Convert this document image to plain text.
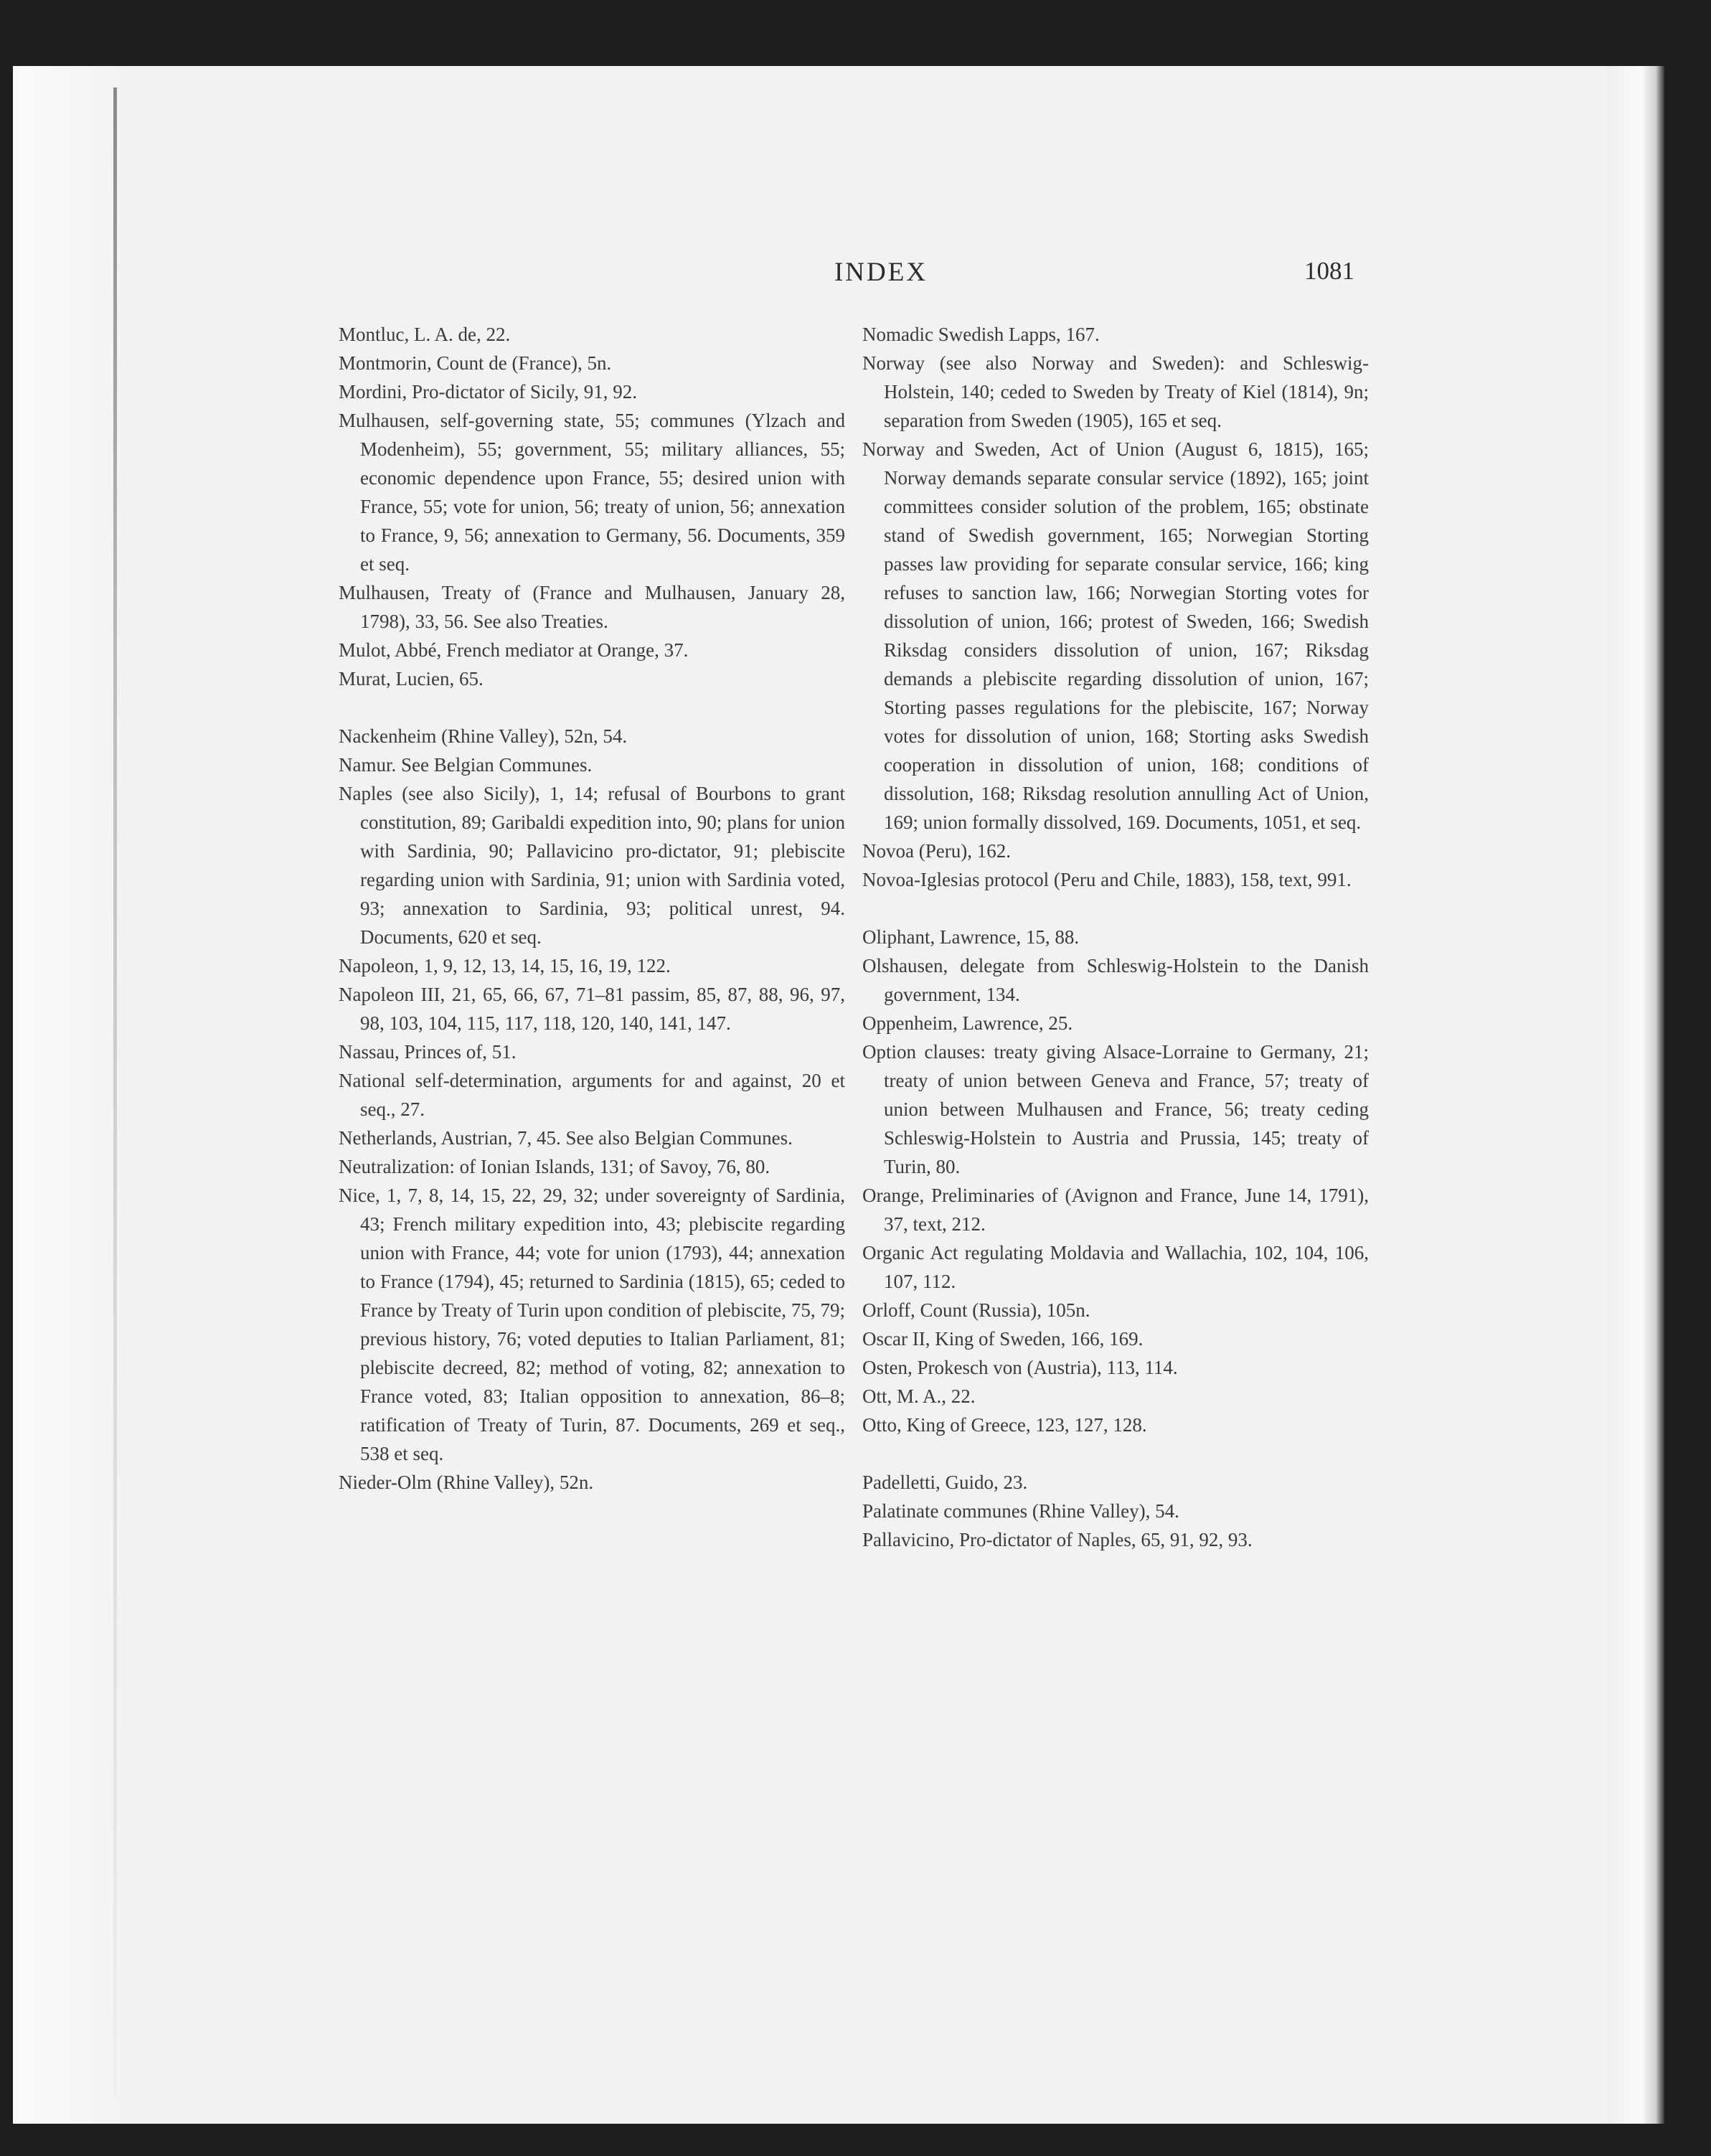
INDEX	1081

Montluc, L. A. de, 22.

Montmorin, Count de (France), 5n.

Mordini, Pro-dictator of Sicily, 91, 92.

Mulhausen, self-governing state, 55; communes (Ylzach and Modenheim), 55; government, 55; military alliances, 55; economic dependence upon France, 55; desired union with France, 55; vote for union, 56; treaty of union, 56; annexation to France, 9, 56; annexation to Germany, 56. Documents, 359 et seq.

Mulhausen, Treaty of (France and Mulhausen, January 28, 1798), 33, 56. See also Treaties.

Mulot, Abbé, French mediator at Orange, 37.

Murat, Lucien, 65.

Nackenheim (Rhine Valley), 52n, 54.

Namur. See Belgian Communes.

Naples (see also Sicily), 1, 14; refusal of Bourbons to grant constitution, 89; Garibaldi expedition into, 90; plans for union with Sardinia, 90; Pallavicino pro-dictator, 91; plebiscite regarding union with Sardinia, 91; union with Sardinia voted, 93; annexation to Sardinia, 93; political unrest, 94. Documents, 620 et seq.

Napoleon, 1, 9, 12, 13, 14, 15, 16, 19, 122.

Napoleon III, 21, 65, 66, 67, 71–81 passim, 85, 87, 88, 96, 97, 98, 103, 104, 115, 117, 118, 120, 140, 141, 147.

Nassau, Princes of, 51.

National self-determination, arguments for and against, 20 et seq., 27.

Netherlands, Austrian, 7, 45. See also Belgian Communes.

Neutralization: of Ionian Islands, 131; of Savoy, 76, 80.

Nice, 1, 7, 8, 14, 15, 22, 29, 32; under sovereignty of Sardinia, 43; French military expedition into, 43; plebiscite regarding union with France, 44; vote for union (1793), 44; annexation to France (1794), 45; returned to Sardinia (1815), 65; ceded to France by Treaty of Turin upon condition of plebiscite, 75, 79; previous history, 76; voted deputies to Italian Parliament, 81; plebiscite decreed, 82; method of voting, 82; annexation to France voted, 83; Italian opposition to annexation, 86–8; ratification of Treaty of Turin, 87. Documents, 269 et seq., 538 et seq.

Nieder-Olm (Rhine Valley), 52n.

Nomadic Swedish Lapps, 167.

Norway (see also Norway and Sweden): and Schleswig-Holstein, 140; ceded to Sweden by Treaty of Kiel (1814), 9n; separation from Sweden (1905), 165 et seq.

Norway and Sweden, Act of Union (August 6, 1815), 165; Norway demands separate consular service (1892), 165; joint committees consider solution of the problem, 165; obstinate stand of Swedish government, 165; Norwegian Storting passes law providing for separate consular service, 166; king refuses to sanction law, 166; Norwegian Storting votes for dissolution of union, 166; protest of Sweden, 166; Swedish Riksdag considers dissolution of union, 167; Riksdag demands a plebiscite regarding dissolution of union, 167; Storting passes regulations for the plebiscite, 167; Norway votes for dissolution of union, 168; Storting asks Swedish cooperation in dissolution of union, 168; conditions of dissolution, 168; Riksdag resolution annulling Act of Union, 169; union formally dissolved, 169. Documents, 1051, et seq.

Novoa (Peru), 162.

Novoa-Iglesias protocol (Peru and Chile, 1883), 158, text, 991.

Oliphant, Lawrence, 15, 88.

Olshausen, delegate from Schleswig-Holstein to the Danish government, 134.

Oppenheim, Lawrence, 25.

Option clauses: treaty giving Alsace-Lorraine to Germany, 21; treaty of union between Geneva and France, 57; treaty of union between Mulhausen and France, 56; treaty ceding Schleswig-Holstein to Austria and Prussia, 145; treaty of Turin, 80.

Orange, Preliminaries of (Avignon and France, June 14, 1791), 37, text, 212.

Organic Act regulating Moldavia and Wallachia, 102, 104, 106, 107, 112.

Orloff, Count (Russia), 105n.

Oscar II, King of Sweden, 166, 169.

Osten, Prokesch von (Austria), 113, 114.

Ott, M. A., 22.

Otto, King of Greece, 123, 127, 128.

Padelletti, Guido, 23.

Palatinate communes (Rhine Valley), 54.

Pallavicino, Pro-dictator of Naples, 65, 91, 92, 93.
